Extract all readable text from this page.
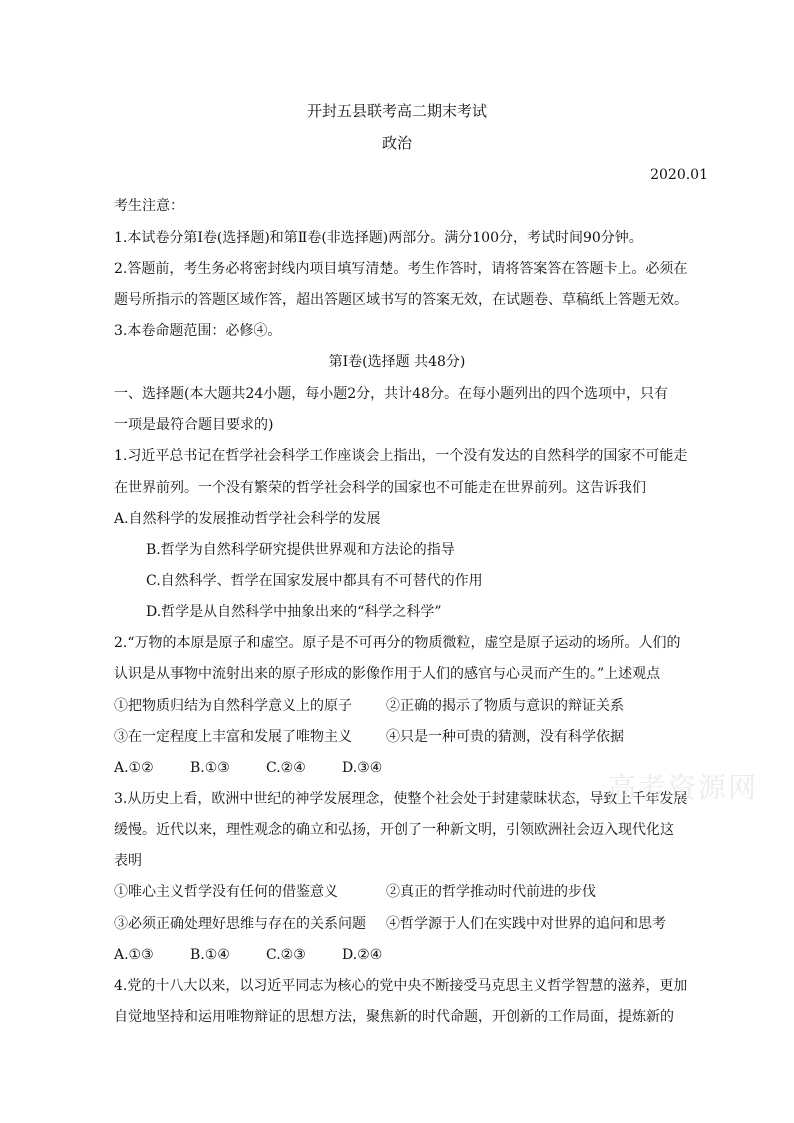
开封五县联考高二期末考试
政治
2020.01
考生注意：
1.本试卷分第Ⅰ卷(选择题)和第Ⅱ卷(非选择题)两部分。满分100分，考试时间90分钟。
2.答题前，考生务必将密封线内项目填写清楚。考生作答时，请将答案答在答题卡上。必须在
题号所指示的答题区域作答，超出答题区域书写的答案无效，在试题卷、草稿纸上答题无效。
3.本卷命题范围：必修④。
第Ⅰ卷(选择题 共48分)
一、选择题(本大题共24小题，每小题2分，共计48分。在每小题列出的四个选项中，只有
一项是最符合题目要求的)
1.习近平总书记在哲学社会科学工作座谈会上指出，一个没有发达的自然科学的国家不可能走
在世界前列。一个没有繁荣的哲学社会科学的国家也不可能走在世界前列。这告诉我们
A.自然科学的发展推动哲学社会科学的发展
B.哲学为自然科学研究提供世界观和方法论的指导
C.自然科学、哲学在国家发展中都具有不可替代的作用
D.哲学是从自然科学中抽象出来的“科学之科学”
2.“万物的本原是原子和虚空。原子是不可再分的物质微粒，虚空是原子运动的场所。人们的
认识是从事物中流射出来的原子形成的影像作用于人们的感官与心灵而产生的。”上述观点
①把物质归结为自然科学意义上的原子 ②正确的揭示了物质与意识的辩证关系
③在一定程度上丰富和发展了唯物主义 ④只是一种可贵的猜测，没有科学依据
A.①②	B.①③	C.②④	D.③④
3.从历史上看，欧洲中世纪的神学发展理念，使整个社会处于封建蒙昧状态，导致上千年发展
缓慢。近代以来，理性观念的确立和弘扬，开创了一种新文明，引领欧洲社会迈入现代化这
表明
①唯心主义哲学没有任何的借鉴意义	②真正的哲学推动时代前进的步伐
③必须正确处理好思维与存在的关系问题 ④哲学源于人们在实践中对世界的追问和思考
A.①③	B.①④	C.②③	D.②④
4.党的十八大以来，以习近平同志为核心的党中央不断接受马克思主义哲学智慧的滋养，更加
自觉地坚持和运用唯物辩证的思想方法，聚焦新的时代命题，开创新的工作局面，提炼新的
高考资源网
